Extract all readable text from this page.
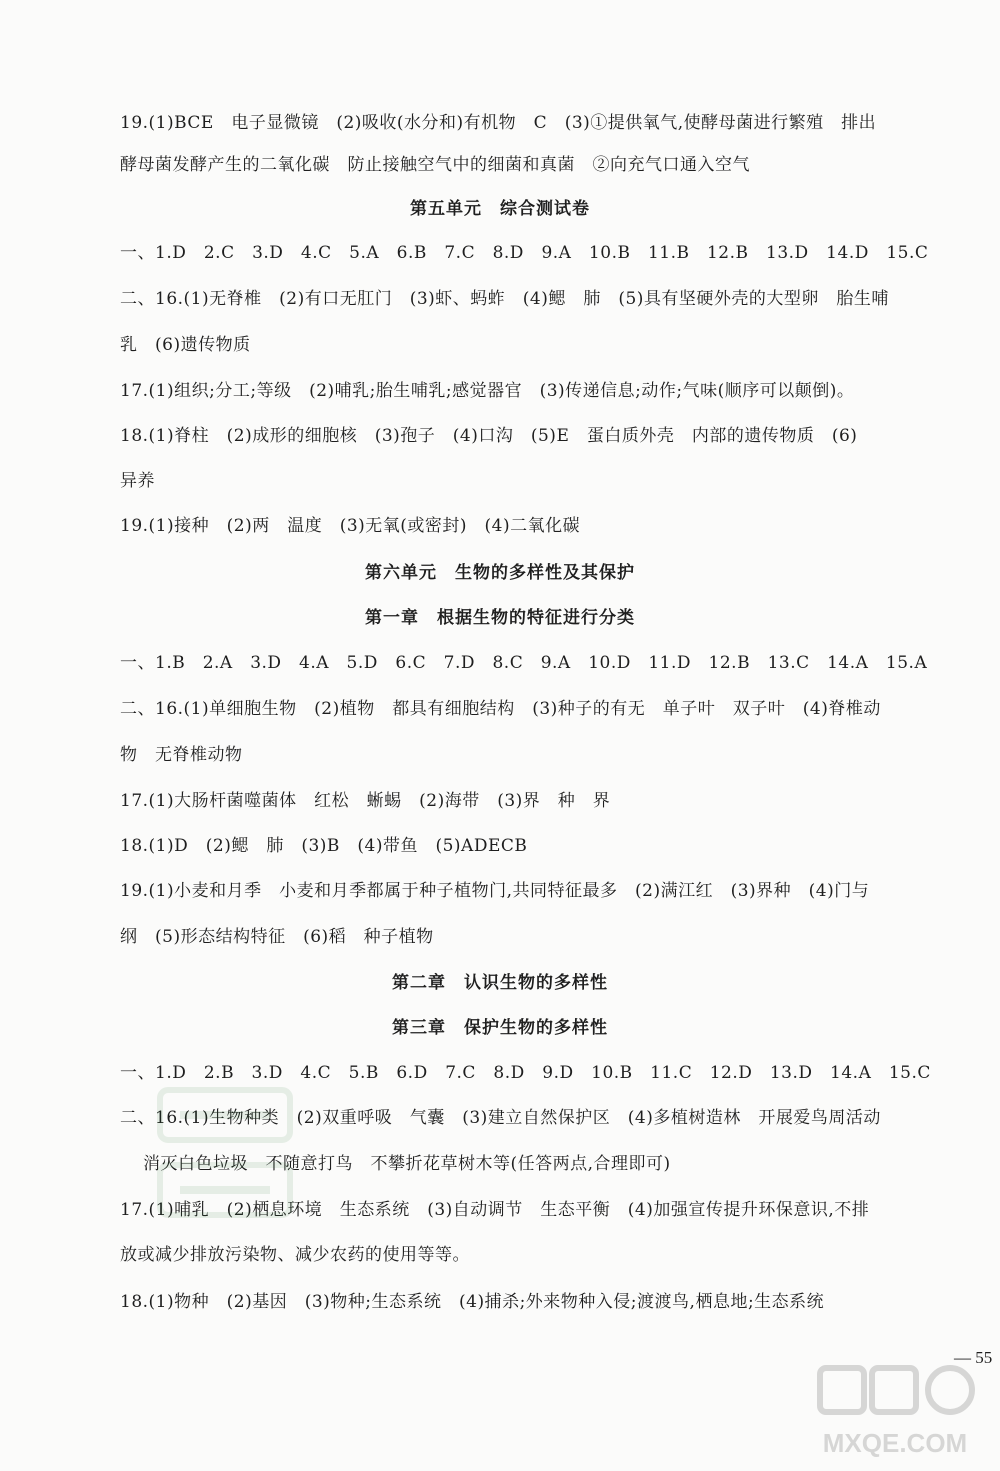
19.(1)BCE　电子显微镜　(2)吸收(水分和)有机物　C　(3)①提供氧气,使酵母菌进行繁殖　排出
酵母菌发酵产生的二氧化碳　防止接触空气中的细菌和真菌　②向充气口通入空气
第五单元　综合测试卷
一、1.D　2.C　3.D　4.C　5.A　6.B　7.C　8.D　9.A　10.B　11.B　12.B　13.D　14.D　15.C
二、16.(1)无脊椎　(2)有口无肛门　(3)虾、蚂蚱　(4)鳃　肺　(5)具有坚硬外壳的大型卵　胎生哺
乳　(6)遗传物质
17.(1)组织;分工;等级　(2)哺乳;胎生哺乳;感觉器官　(3)传递信息;动作;气味(顺序可以颠倒)。
18.(1)脊柱　(2)成形的细胞核　(3)孢子　(4)口沟　(5)E　蛋白质外壳　内部的遗传物质　(6)
异养
19.(1)接种　(2)两　温度　(3)无氧(或密封)　(4)二氧化碳
第六单元　生物的多样性及其保护
第一章　根据生物的特征进行分类
一、1.B　2.A　3.D　4.A　5.D　6.C　7.D　8.C　9.A　10.D　11.D　12.B　13.C　14.A　15.A
二、16.(1)单细胞生物　(2)植物　都具有细胞结构　(3)种子的有无　单子叶　双子叶　(4)脊椎动
物　无脊椎动物
17.(1)大肠杆菌噬菌体　红松　蜥蜴　(2)海带　(3)界　种　界
18.(1)D　(2)鳃　肺　(3)B　(4)带鱼　(5)ADECB
19.(1)小麦和月季　小麦和月季都属于种子植物门,共同特征最多　(2)满江红　(3)界种　(4)门与
纲　(5)形态结构特征　(6)稻　种子植物
第二章　认识生物的多样性
第三章　保护生物的多样性
一、1.D　2.B　3.D　4.C　5.B　6.D　7.C　8.D　9.D　10.B　11.C　12.D　13.D　14.A　15.C
二、16.(1)生物种类　(2)双重呼吸　气囊　(3)建立自然保护区　(4)多植树造林　开展爱鸟周活动
消灭白色垃圾　不随意打鸟　不攀折花草树木等(任答两点,合理即可)
17.(1)哺乳　(2)栖息环境　生态系统　(3)自动调节　生态平衡　(4)加强宣传提升环保意识,不排
放或减少排放污染物、减少农药的使用等等。
18.(1)物种　(2)基因　(3)物种;生态系统　(4)捕杀;外来物种入侵;渡渡鸟,栖息地;生态系统
— 55
MXQE.COM
